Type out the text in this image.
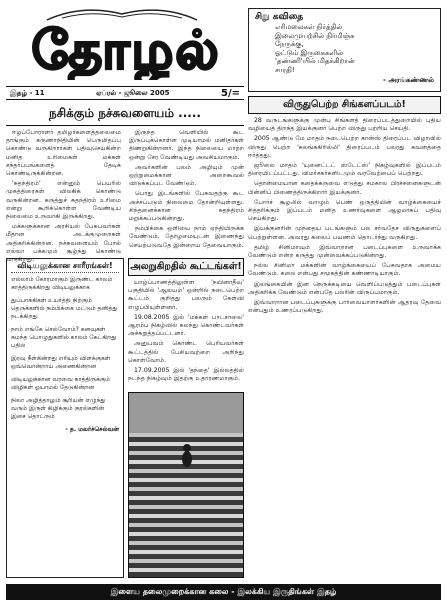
தோழல்
சிறு கவிதை
எரிமலைகள் நிர்த்தில்
இலைமுயற்சில் நிர்மிஞ்சு
நேருக்கு,
ஓட்டும் இருகைகளில்
'தண்ணி'யில் மிதக்கிறான்
சாரதி!
- அரங்கண்ணல்
இதழ் - 11	ஏப்ரல் - ஜூலை 2005	5/=
நசிக்கும் நச்சுவளையம் .....

ஈழப்போராளர் தமிழர்களைத்தலைமை தாங்கும் கருணாநிதியின் பெருமிதப்பு கொண்டு வருகிறார்கள் பதிவுசெய்கின்ற மனித உரிமைகள் மக்கள் சந்தர்ப்பங்களைத் தேடிக் கொண்டிருக்கின்றன.

'சுதந்திரம்' என்னும் பெயரில் முகத்திரைகள் விலகிக் கொண்டு வருகின்றன. கருத்துச் சுதந்திரம் உரிமை என்று கூறிக்கொள்ள வேண்டிய நிலைமை உருவாகி இருக்கிறது.

மக்களுக்கான அரசியல் பேசுபவர்கள் மீதான அடக்குமுறைகள் அதிகரிக்கின்றன. நச்சுவளையம் போல் எல்லா பக்கமும் சூழ்ந்து கொண்டு வருகிறது.

இருந்த வெளியில் கூட இருப்புக்கொள்ள முடியாமல் மனிதர்கள் திணறுகின்றனர். இந்த நிலையை மாற்ற ஒன்று சேர வேண்டியது அவசியமாகும்.

அவர்களின் பலம் அழியும் முன் ஒற்றுமைக்கான அறைகூவல் விடுக்கப்பட வேண்டும்.

பொது இடங்களில் பேசுவதற்கு கூட அச்சப்படும் நிலைமை தோன்றியுள்ளது. சிந்தனைக்கான சுதந்திரம் மறுக்கப்படுகின்றது.

நம்பிக்கை ஒளியை நாம் ஏந்தியிருக்க வேண்டும். தோழமையுடன் இணைந்து செயற்படுவதே இன்றைய தேவையாகும்.

விடியலுக்கான சாரீரங்கள்!
எல்லாம் கோரமாகும் இருண்ட காலம் காத்திருக்கிறது விடியலுக்காக
துப்பாக்கிகள் உயர்த்தி நிற்கும் தெருக்களில் நம்பிக்கை மட்டும் தனித்து நடக்கிறது
நாம் எங்கே செல்வோம்? கனவுகள் சுமந்த பொழுதுகளில் காலம் கேட்கிறது பதில்
இரவு நீள்கின்றது எரியும் விளக்குகள் ஒவ்வொன்றாய் அணைகின்றன
விடியலுக்கான வரவை காத்திருக்கும் விழிகள் ஓயாமல் தேடுகின்றன
நிலா அழித்தாலும் சூரியன் எழுந்து வரும் இருள் கிழிக்கும் குரல்களின் இசை தொடரும்
- த. மலர்ச்செல்வன்
அலறுகிறதில் கூட்டங்கள்!

யாழ்ப்பாணத்திலுள்ள 'நயினாதீவு' பகுதியில் 'ஆலயம்' ஒன்றில் நடைபெற்ற கூட்டம் குறித்து பலரும் கேள்வி எழுப்பியுள்ளனர்.

19.08.2005 இல் 'மக்கள் பாடசாலை' ஆரம்ப நிகழ்வில் கலந்து கொண்டவர்கள் அச்சுறுத்தப்பட்டனர்.

அனுபவம் கொண்ட பெரியவர்கள் கூட்டத்தில் பேசியவற்றை அறிந்து கொள்வோம்.

17.09.2005 இல் 'தந்தை' இல்லத்தில் நடந்த நிகழ்வும் இதற்கு உதாரணமாகும்.

விருதுபெற்ற சிங்களப்படம்!

28 வருடங்களுக்கு முன்பு சிங்களத் திரைப்படத்துறையில் புதிய வழியைத் திறந்த இயக்குனர் பெற்ற விருது பற்றிய செய்தி.

2005 ஆண்டு மே மாதம் நடைபெற்ற கான்ஸ் திரைப்பட விழாவில் விருது பெற்ற 'சுலங்ககிரில்லி' திரைப்படம் பலரது கவனத்தை ஈர்த்தது.

ஜூலை மாதம் 'யுனைட்டட் ஸ்டேட்ஸ்' நிகழ்வுகளில் இப்படம் திரையிடப்பட்டது. விமர்சகர்களிடமும் வரவேற்பைப் பெற்றது.

தொன்மையான கதைக்கருவை எடுத்து சமகால பிரச்சனைகளுடன் பின்னிப் பிணைத்திருக்கிறார் இயக்குனர்.

போர்ச் சூழலில் வாழும் பெண் ஒருத்தியின் வாழ்க்கையைச் சித்தரிக்கும் இப்படம் மனித உணர்வுகளை ஆழமாகப் பதிவு செய்கிறது.

இயக்குனரின் முந்தைய படங்களும் பல சர்வதேச விருதுகளைப் பெற்றுள்ளன. அவரது கலைப் பயணம் தொடர்ந்து வருகிறது.

தமிழ் சினிமாவும் இவ்வாறான படைப்புகளை உருவாக்க வேண்டும் என்ற கருத்து முன்வைக்கப்படுகின்றது.

நல்ல சினிமா மக்களின் வாழ்க்கையைப் பேசுவதாக அமைய வேண்டும். கலை என்பது சமூகத்தின் கண்ணாடியாகும்.

இலங்கையின் இன நெருக்கடியை வெளிப்படுத்தும் படைப்புகள் அதிகரிக்க வேண்டும் என்பதே பலரின் விருப்பமாகும்.

இவ்வாறான படைப்புகளுக்கு பார்வையாளர்களின் ஆதரவு தேவை என்பதும் உணரப்படுகிறது.

இளைய தலைமுறைக்கான கலை - இலக்கிய இருதிங்கள் இதழ்
